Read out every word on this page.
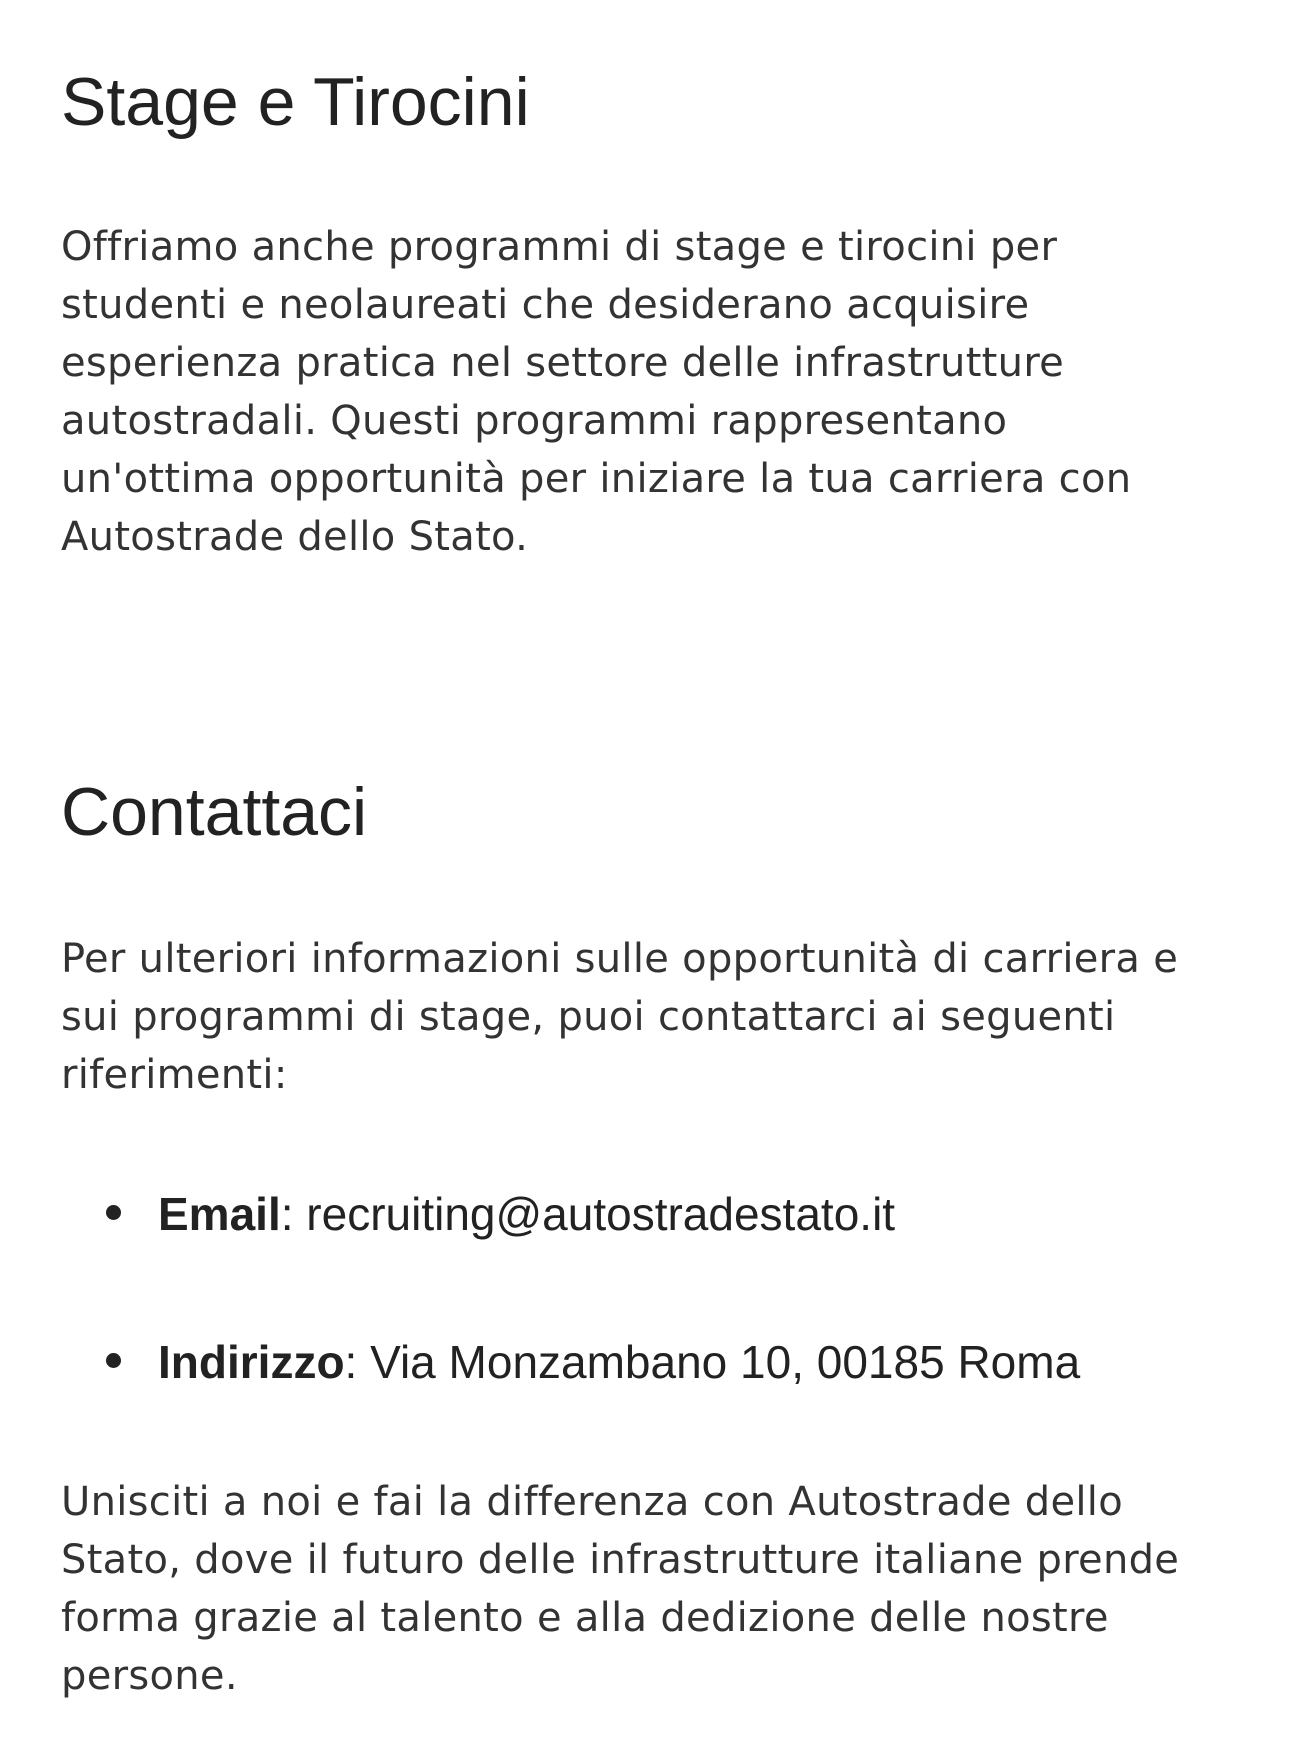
Stage e Tirocini

Offriamo anche programmi di stage e tirocini per
studenti e neolaureati che desiderano acquisire
esperienza pratica nel settore delle infrastrutture
autostradali. Questi programmi rappresentano
un'ottima opportunità per iniziare la tua carriera con
Autostrade dello Stato.

Contattaci

Per ulteriori informazioni sulle opportunità di carriera e
sui programmi di stage, puoi contattarci ai seguenti
riferimenti:

Email: recruiting@autostradestato.it
Indirizzo: Via Monzambano 10, 00185 Roma

Unisciti a noi e fai la differenza con Autostrade dello
Stato, dove il futuro delle infrastrutture italiane prende
forma grazie al talento e alla dedizione delle nostre
persone.
